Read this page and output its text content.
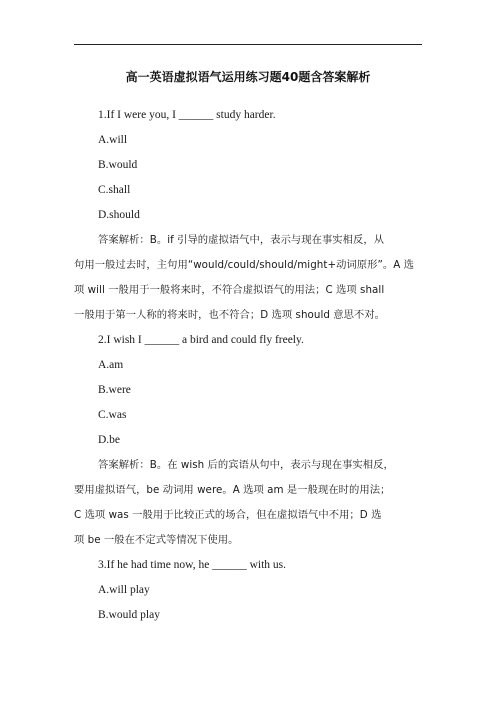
高一英语虚拟语气运用练习题40题含答案解析
1.If I were you, I ______ study harder.
A.will
B.would
C.shall
D.should
答案解析：B。if 引导的虚拟语气中，表示与现在事实相反，从
句用一般过去时，主句用“would/could/should/might+动词原形”。A 选
项 will 一般用于一般将来时，不符合虚拟语气的用法；C 选项 shall
一般用于第一人称的将来时，也不符合；D 选项 should 意思不对。
2.I wish I ______ a bird and could fly freely.
A.am
B.were
C.was
D.be
答案解析：B。在 wish 后的宾语从句中，表示与现在事实相反，
要用虚拟语气，be 动词用 were。A 选项 am 是一般现在时的用法；
C 选项 was 一般用于比较正式的场合，但在虚拟语气中不用；D 选
项 be 一般在不定式等情况下使用。
3.If he had time now, he ______ with us.
A.will play
B.would play
